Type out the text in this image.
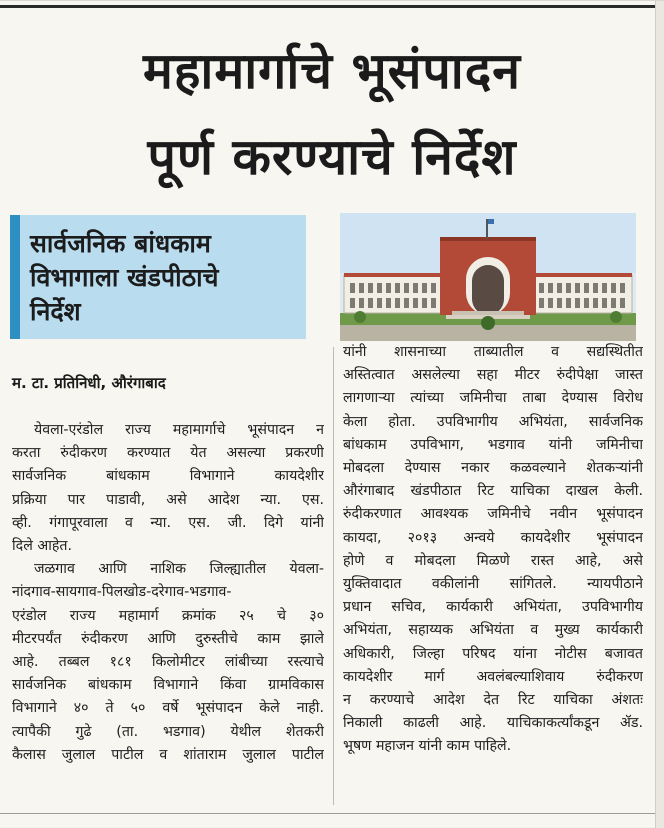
महामार्गाचे भूसंपादन
पूर्ण करण्याचे निर्देश
सार्वजनिक बांधकाम
विभागाला खंडपीठाचे
निर्देश
म. टा. प्रतिनिधी, औरंगाबाद
येवला-एरंडोल राज्य महामार्गाचे भूसंपादन न
करता रुंदीकरण करण्यात येत असल्या प्रकरणी
सार्वजनिक बांधकाम विभागाने कायदेशीर
प्रक्रिया पार पाडावी, असे आदेश न्या. एस.
व्ही. गंगापूरवाला व न्या. एस. जी. दिगे यांनी
दिले आहेत.
जळगाव आणि नाशिक जिल्ह्यातील येवला-
नांदगाव-सायगाव-पिलखोड-दरेगाव-भडगाव-
एरंडोल राज्य महामार्ग क्रमांक २५ चे ३०
मीटरपर्यंत रुंदीकरण आणि दुरुस्तीचे काम झाले
आहे. तब्बल १८१ किलोमीटर लांबीच्या रस्त्याचे
सार्वजनिक बांधकाम विभागाने किंवा ग्रामविकास
विभागाने ४० ते ५० वर्षे भूसंपादन केले नाही.
त्यापैकी गुढे (ता. भडगाव) येथील शेतकरी
कैलास जुलाल पाटील व शांताराम जुलाल पाटील
यांनी शासनाच्या ताब्यातील व सद्यस्थितीत
अस्तित्वात असलेल्या सहा मीटर रुंदीपेक्षा जास्त
लागणाऱ्या त्यांच्या जमिनीचा ताबा देण्यास विरोध
केला होता. उपविभागीय अभियंता, सार्वजनिक
बांधकाम उपविभाग, भडगाव यांनी जमिनीचा
मोबदला देण्यास नकार कळवल्याने शेतकऱ्यांनी
औरंगाबाद खंडपीठात रिट याचिका दाखल केली.
रुंदीकरणात आवश्यक जमिनीचे नवीन भूसंपादन
कायदा, २०१३ अन्वये कायदेशीर भूसंपादन
होणे व मोबदला मिळणे रास्त आहे, असे
युक्तिवादात वकीलांनी सांगितले. न्यायपीठाने
प्रधान सचिव, कार्यकारी अभियंता, उपविभागीय
अभियंता, सहाय्यक अभियंता व मुख्य कार्यकारी
अधिकारी, जिल्हा परिषद यांना नोटीस बजावत
कायदेशीर मार्ग अवलंबल्याशिवाय रुंदीकरण
न करण्याचे आदेश देत रिट याचिका अंशतः
निकाली काढली आहे. याचिकाकर्त्यांकडून ॲड.
भूषण महाजन यांनी काम पाहिले.
